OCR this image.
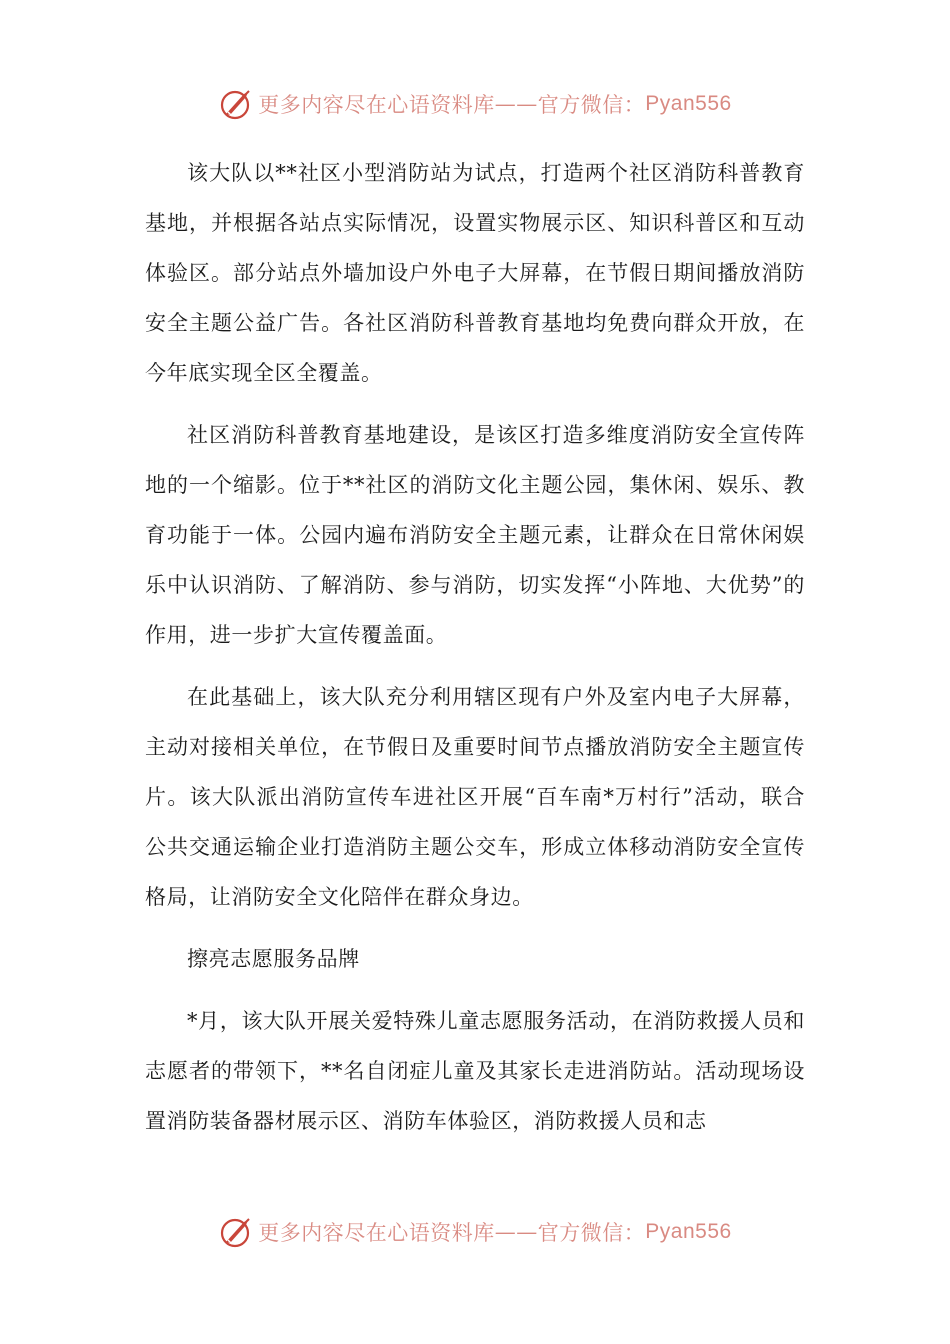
更多内容尽在心语资料库 —— 官方微信： Pyan556

该大队以**社区小型消防站为试点，打造两个社区消防科普教育基地，并根据各站点实际情况，设置实物展示区、知识科普区和互动体验区。部分站点外墙加设户外电子大屏幕，在节假日期间播放消防安全主题公益广告。各社区消防科普教育基地均免费向群众开放，在今年底实现全区全覆盖。

社区消防科普教育基地建设，是该区打造多维度消防安全宣传阵地的一个缩影。位于**社区的消防文化主题公园，集休闲、娱乐、教育功能于一体。公园内遍布消防安全主题元素，让群众在日常休闲娱乐中认识消防、了解消防、参与消防，切实发挥“小阵地、大优势”的作用，进一步扩大宣传覆盖面。

在此基础上，该大队充分利用辖区现有户外及室内电子大屏幕，主动对接相关单位，在节假日及重要时间节点播放消防安全主题宣传片。该大队派出消防宣传车进社区开展“百车南*万村行”活动，联合公共交通运输企业打造消防主题公交车，形成立体移动消防安全宣传格局，让消防安全文化陪伴在群众身边。

擦亮志愿服务品牌

*月，该大队开展关爱特殊儿童志愿服务活动，在消防救援人员和志愿者的带领下，**名自闭症儿童及其家长走进消防站。活动现场设置消防装备器材展示区、消防车体验区，消防救援人员和志

更多内容尽在心语资料库 —— 官方微信： Pyan556
